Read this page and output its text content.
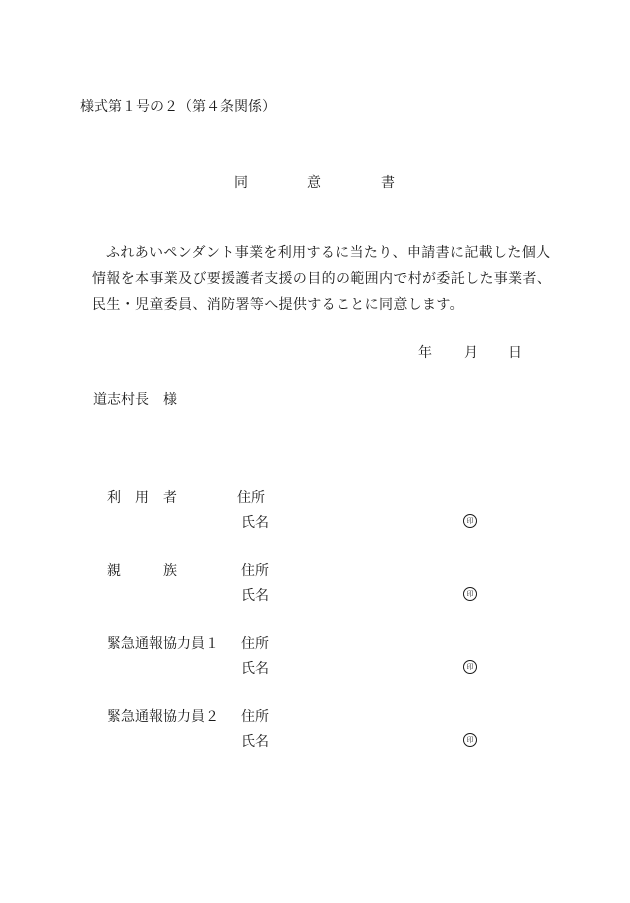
様式第１号の２（第４条関係）
同	意	書
ふれあいペンダント事業を利用するに当たり、申請書に記載した個人情報を本事業及び要援護者支援の目的の範囲内で村が委託した事業者、民生・児童委員、消防署等へ提供することに同意します。
年 月 日
道志村長　様
利　用　者	住所
氏名	印
親　　　族	住所
氏名	印
緊急通報協力員１ 住所
氏名	印
緊急通報協力員２ 住所
氏名	印
